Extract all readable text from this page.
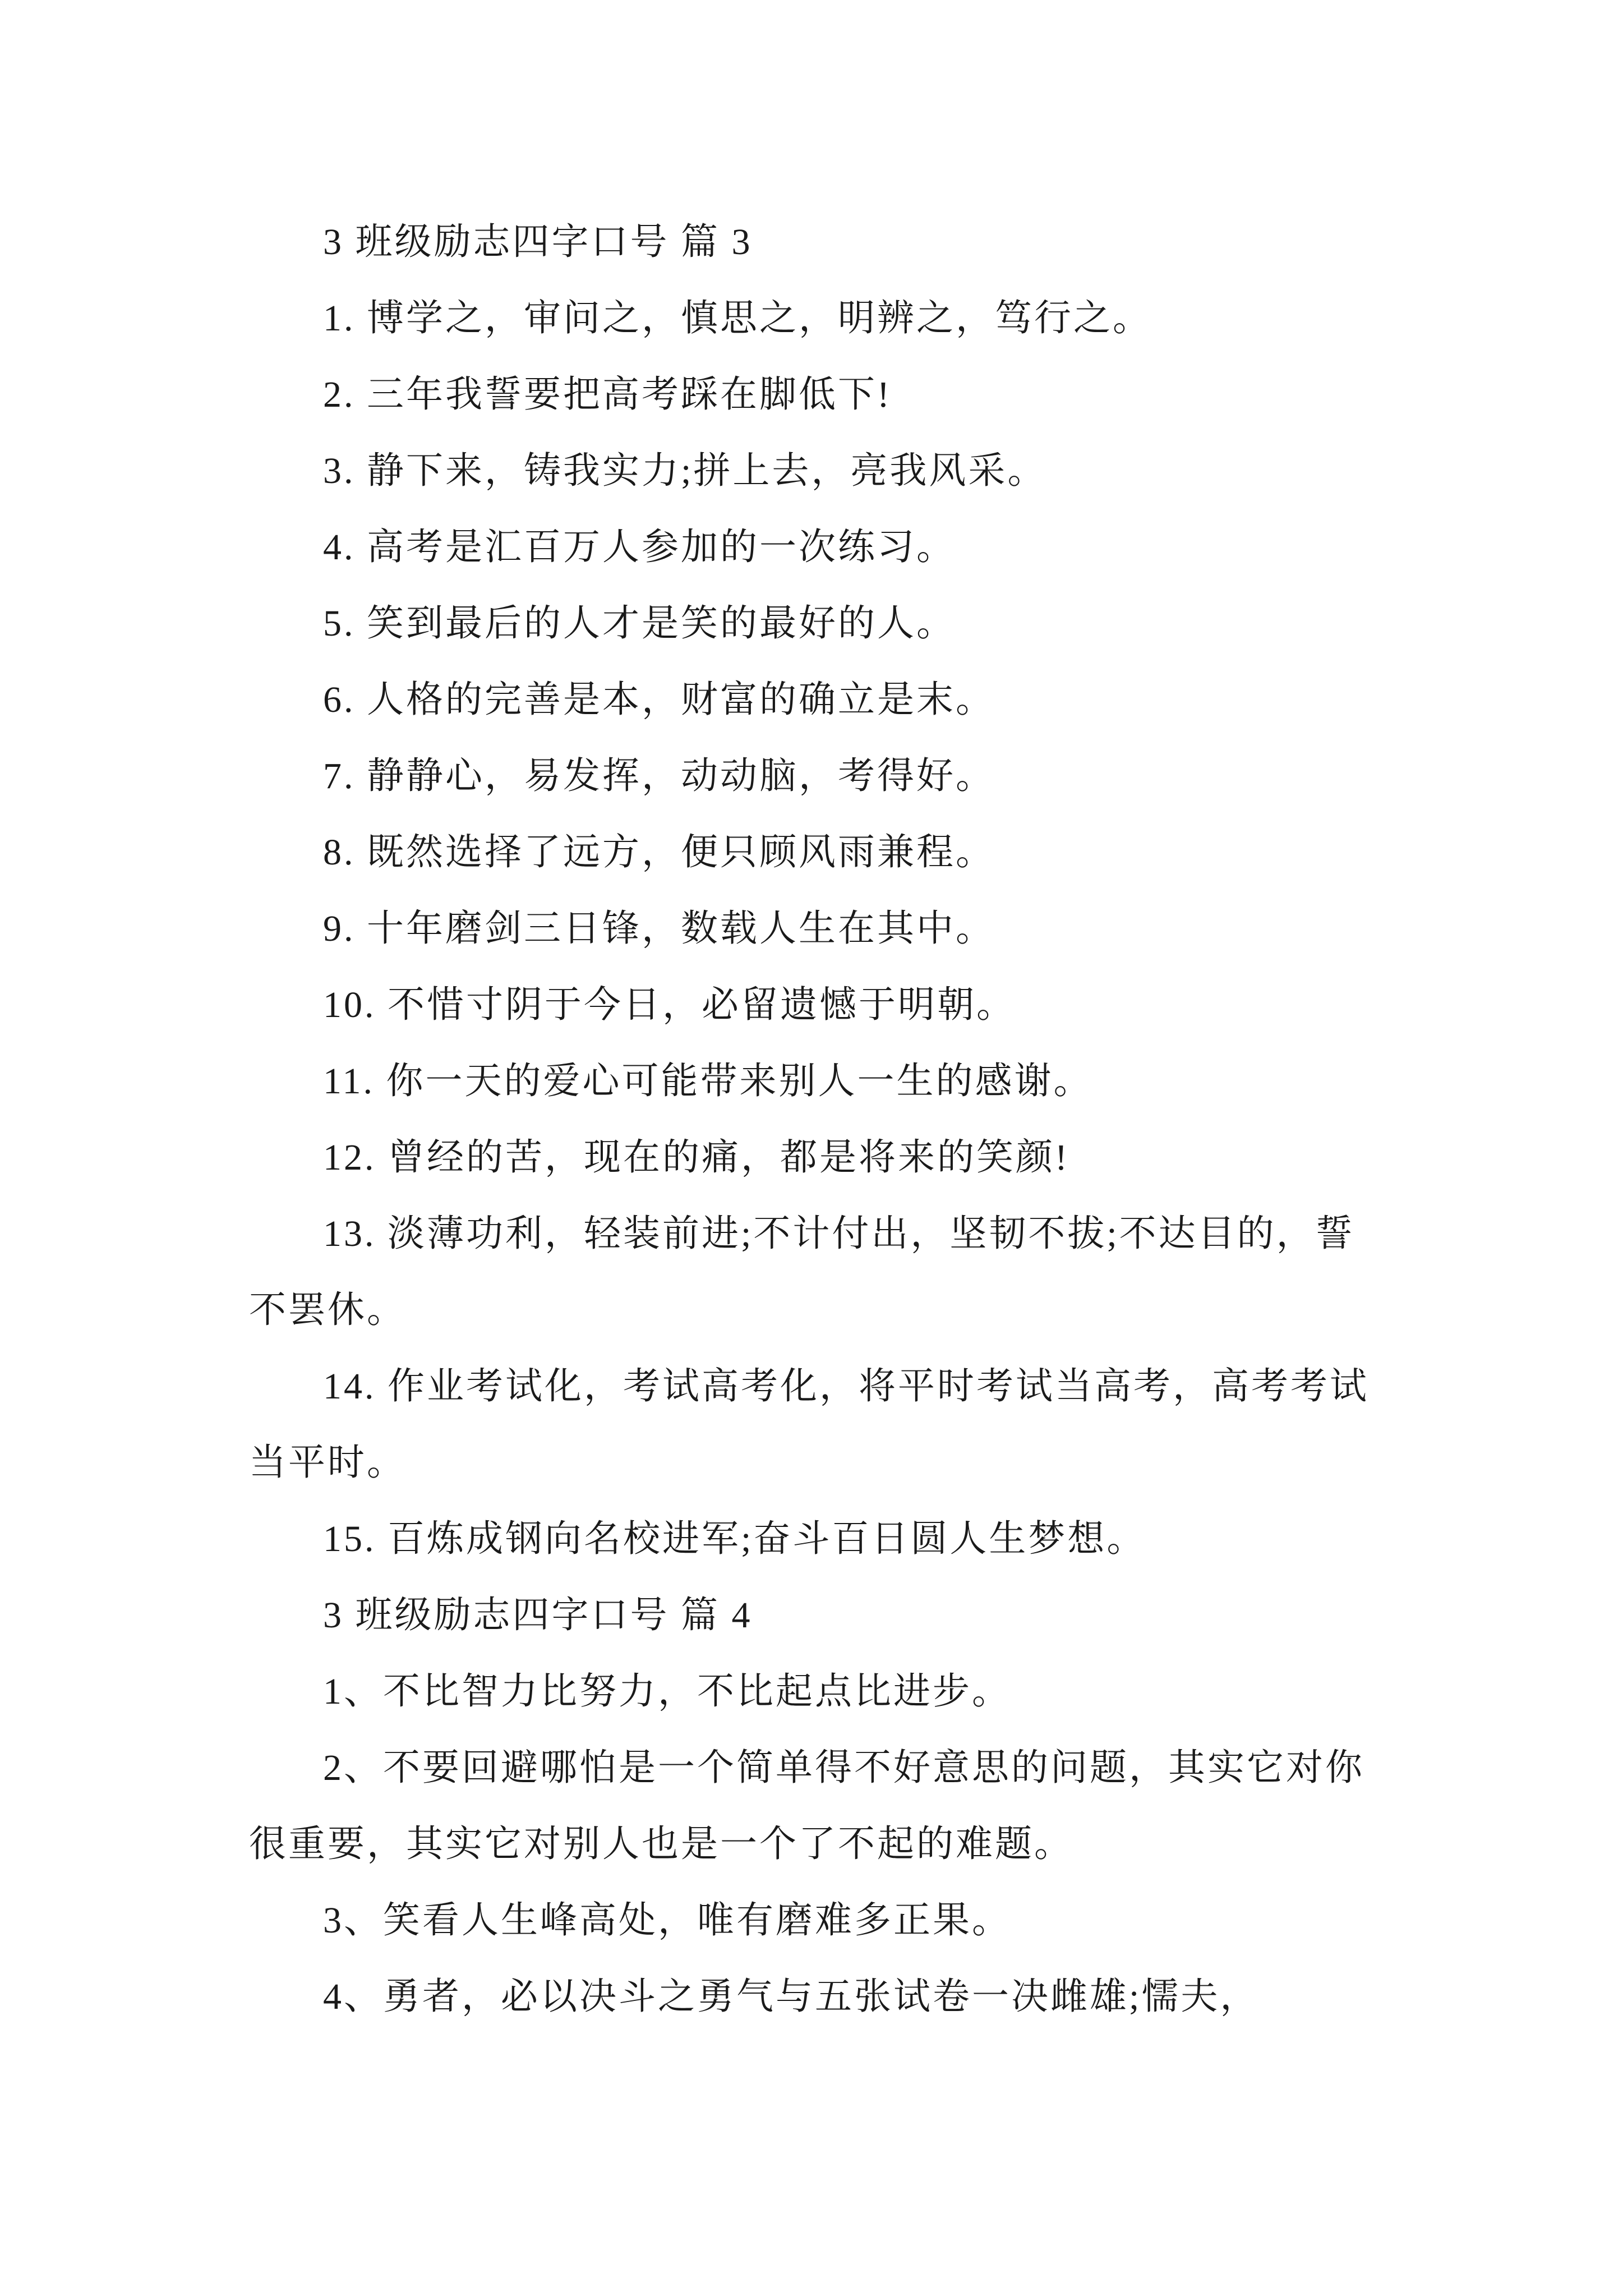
3 班级励志四字口号 篇 3

1. 博学之，审问之，慎思之，明辨之，笃行之。

2. 三年我誓要把高考踩在脚低下!

3. 静下来，铸我实力;拼上去，亮我风采。

4. 高考是汇百万人参加的一次练习。

5. 笑到最后的人才是笑的最好的人。

6. 人格的完善是本，财富的确立是末。

7. 静静心，易发挥，动动脑，考得好。

8. 既然选择了远方，便只顾风雨兼程。

9. 十年磨剑三日锋，数载人生在其中。

10. 不惜寸阴于今日，必留遗憾于明朝。

11. 你一天的爱心可能带来别人一生的感谢。

12. 曾经的苦，现在的痛，都是将来的笑颜!

13. 淡薄功利，轻装前进;不计付出，坚韧不拔;不达目的，誓不罢休。

14. 作业考试化，考试高考化，将平时考试当高考，高考考试当平时。

15. 百炼成钢向名校进军;奋斗百日圆人生梦想。

3 班级励志四字口号 篇 4

1、不比智力比努力，不比起点比进步。

2、不要回避哪怕是一个简单得不好意思的问题，其实它对你很重要，其实它对别人也是一个了不起的难题。

3、笑看人生峰高处，唯有磨难多正果。

4、勇者，必以决斗之勇气与五张试卷一决雌雄;懦夫，
